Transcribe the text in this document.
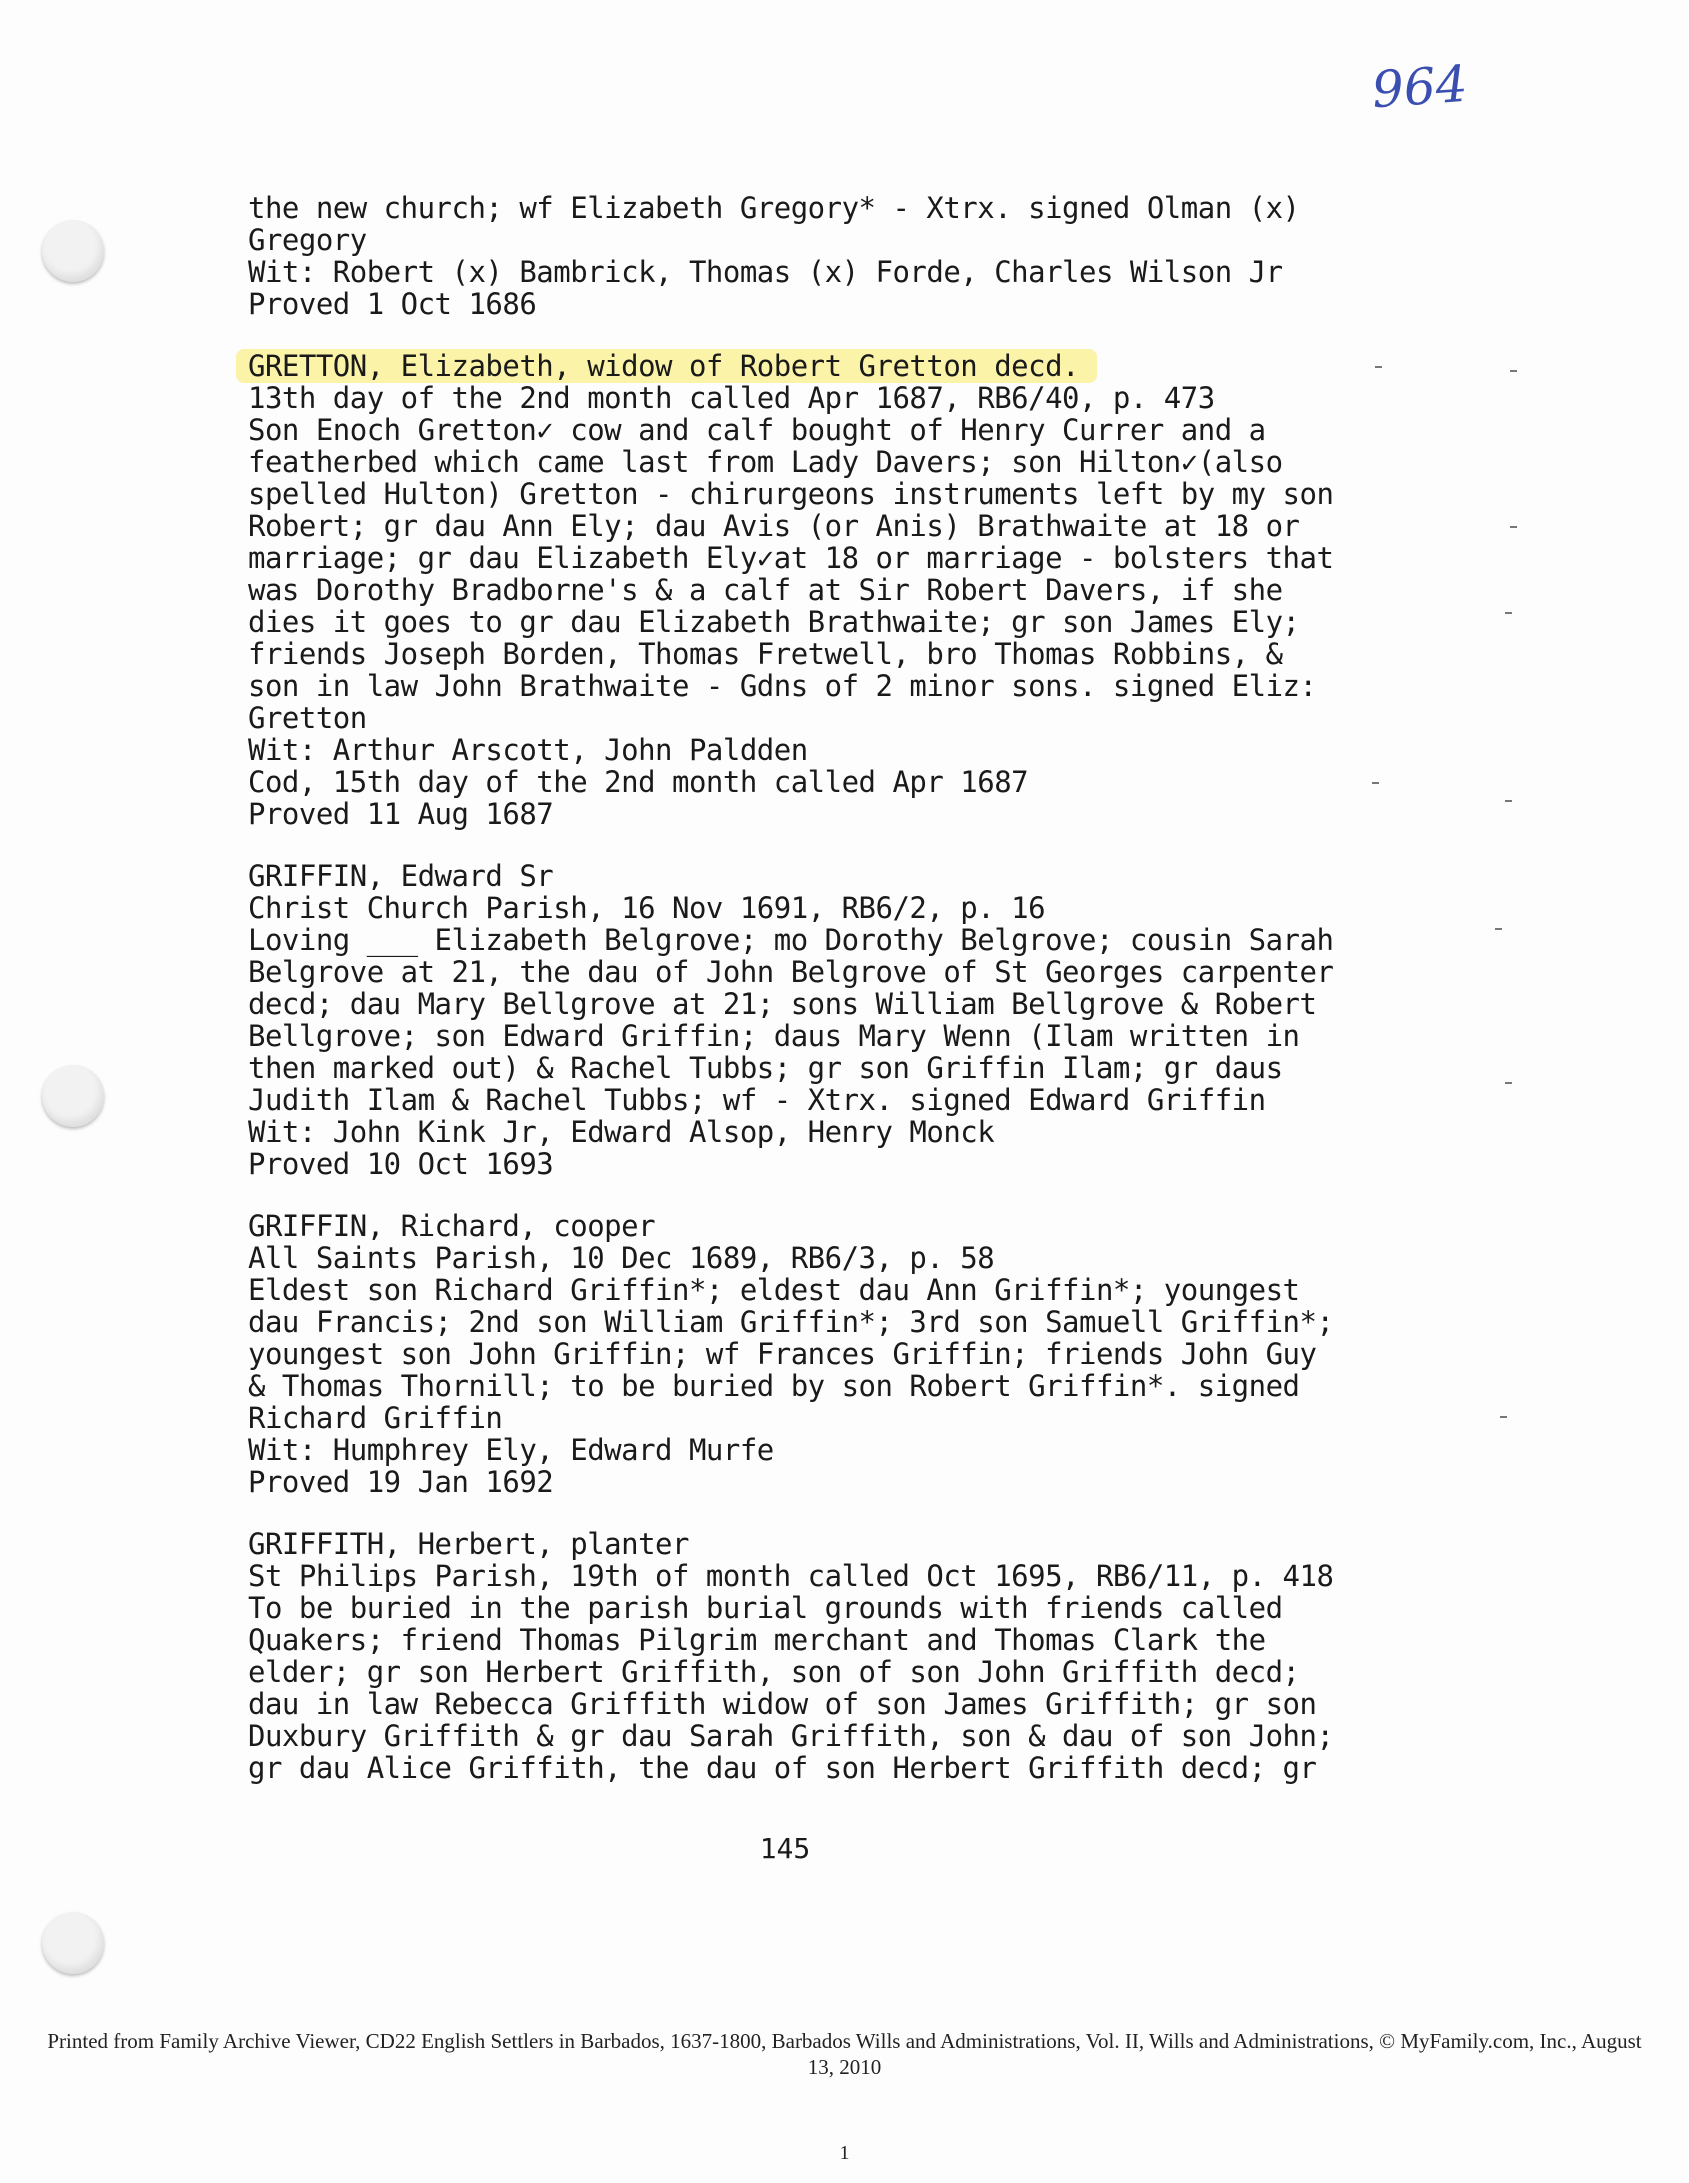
964
the new church; wf Elizabeth Gregory* - Xtrx. signed Olman (x)
Gregory
Wit: Robert (x) Bambrick, Thomas (x) Forde, Charles Wilson Jr
Proved 1 Oct 1686
GRETTON, Elizabeth, widow of Robert Gretton decd.
13th day of the 2nd month called Apr 1687, RB6/40, p. 473
Son Enoch Gretton✓ cow and calf bought of Henry Currer and a
featherbed which came last from Lady Davers; son Hilton✓(also
spelled Hulton) Gretton - chirurgeons instruments left by my son
Robert; gr dau Ann Ely; dau Avis (or Anis) Brathwaite at 18 or
marriage; gr dau Elizabeth Ely✓at 18 or marriage - bolsters that
was Dorothy Bradborne's & a calf at Sir Robert Davers, if she
dies it goes to gr dau Elizabeth Brathwaite; gr son James Ely;
friends Joseph Borden, Thomas Fretwell, bro Thomas Robbins, &
son in law John Brathwaite - Gdns of 2 minor sons. signed Eliz:
Gretton
Wit: Arthur Arscott, John Paldden
Cod, 15th day of the 2nd month called Apr 1687
Proved 11 Aug 1687
GRIFFIN, Edward Sr
Christ Church Parish, 16 Nov 1691, RB6/2, p. 16
Loving ___ Elizabeth Belgrove; mo Dorothy Belgrove; cousin Sarah
Belgrove at 21, the dau of John Belgrove of St Georges carpenter
decd; dau Mary Bellgrove at 21; sons William Bellgrove & Robert
Bellgrove; son Edward Griffin; daus Mary Wenn (Ilam written in
then marked out) & Rachel Tubbs; gr son Griffin Ilam; gr daus
Judith Ilam & Rachel Tubbs; wf - Xtrx. signed Edward Griffin
Wit: John Kink Jr, Edward Alsop, Henry Monck
Proved 10 Oct 1693
GRIFFIN, Richard, cooper
All Saints Parish, 10 Dec 1689, RB6/3, p. 58
Eldest son Richard Griffin*; eldest dau Ann Griffin*; youngest
dau Francis; 2nd son William Griffin*; 3rd son Samuell Griffin*;
youngest son John Griffin; wf Frances Griffin; friends John Guy
& Thomas Thornill; to be buried by son Robert Griffin*. signed
Richard Griffin
Wit: Humphrey Ely, Edward Murfe
Proved 19 Jan 1692
GRIFFITH, Herbert, planter
St Philips Parish, 19th of month called Oct 1695, RB6/11, p. 418
To be buried in the parish burial grounds with friends called
Quakers; friend Thomas Pilgrim merchant and Thomas Clark the
elder; gr son Herbert Griffith, son of son John Griffith decd;
dau in law Rebecca Griffith widow of son James Griffith; gr son
Duxbury Griffith & gr dau Sarah Griffith, son & dau of son John;
gr dau Alice Griffith, the dau of son Herbert Griffith decd; gr
145
Printed from Family Archive Viewer, CD22 English Settlers in Barbados, 1637-1800, Barbados Wills and Administrations, Vol. II, Wills and Administrations, © MyFamily.com, Inc., August 13, 2010
1
